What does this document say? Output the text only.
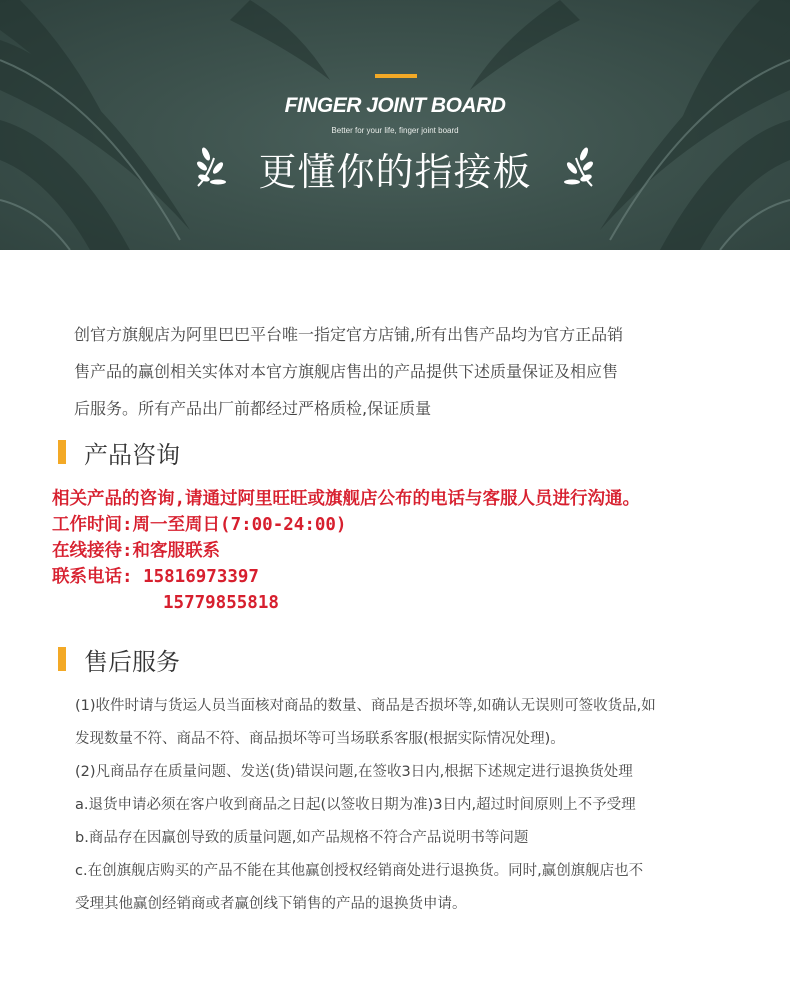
FINGER JOINT BOARD
Better for your life, finger joint board
更懂你的指接板
创官方旗舰店为阿里巴巴平台唯一指定官方店铺,所有出售产品均为官方正品销
售产品的赢创相关实体对本官方旗舰店售出的产品提供下述质量保证及相应售
后服务。所有产品出厂前都经过严格质检,保证质量
产品咨询
相关产品的咨询,请通过阿里旺旺或旗舰店公布的电话与客服人员进行沟通。
工作时间:周一至周日(7:00-24:00)
在线接待:和客服联系
联系电话: 15816973397
15779855818
售后服务
(1)收件时请与货运人员当面核对商品的数量、商品是否损坏等,如确认无误则可签收货品,如
发现数量不符、商品不符、商品损坏等可当场联系客服(根据实际情况处理)。
(2)凡商品存在质量问题、发送(货)错误问题,在签收3日内,根据下述规定进行退换货处理
a.退货申请必须在客户收到商品之日起(以签收日期为准)3日内,超过时间原则上不予受理
b.商品存在因赢创导致的质量问题,如产品规格不符合产品说明书等问题
c.在创旗舰店购买的产品不能在其他赢创授权经销商处进行退换货。同时,赢创旗舰店也不
受理其他赢创经销商或者赢创线下销售的产品的退换货申请。
